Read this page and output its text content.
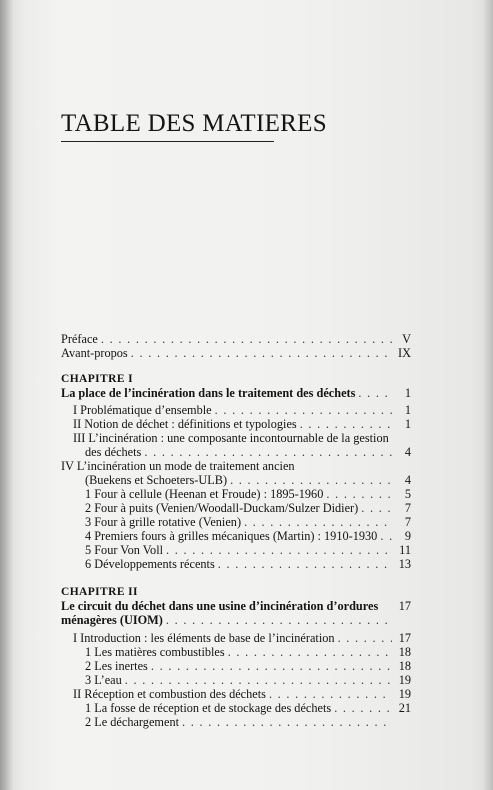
TABLE DES MATIERES
Préface . . .	V
Avant-propos . . .	IX
CHAPITRE I
La place de l’incinération dans le traitement des déchets . . .	1
I Problématique d’ensemble . . .	1
II Notion de déchet : définitions et typologies . . .	1
III L’incinération : une composante incontournable de la gestion
des déchets . . .	4
IV L’incinération un mode de traitement ancien
(Buekens et Schoeters-ULB) . . .	4
1 Four à cellule (Heenan et Froude) : 1895-1960 . . .	5
2 Four à puits (Venien/Woodall-Duckam/Sulzer Didier) . . .	7
3 Four à grille rotative (Venien) . . .	7
4 Premiers fours à grilles mécaniques (Martin) : 1910-1930 . . .	9
5 Four Von Voll . . .	11
6 Développements récents . . .	13
CHAPITRE II
Le circuit du déchet dans une usine d’incinération d’ordures	17
ménagères (UIOM)
. . .
I Introduction : les éléments de base de l’incinération . . .	17
1 Les matières combustibles . . .	18
2 Les inertes . . .	18
3 L’eau . . .	19
II Réception et combustion des déchets . . .	19
1 La fosse de réception et de stockage des déchets . . .	21
2 Le déchargement
. . .
